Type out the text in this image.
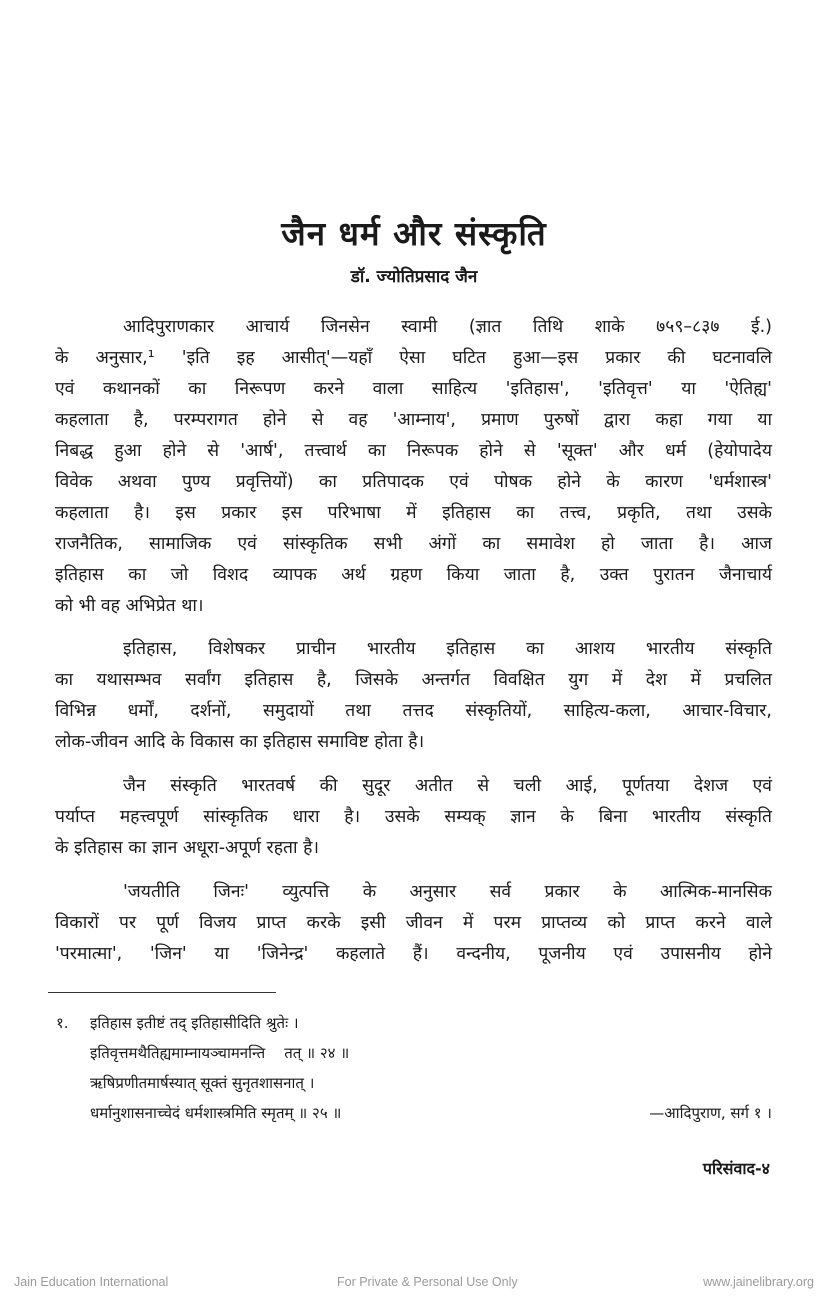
जैन धर्म और संस्कृति
डॉ. ज्योतिप्रसाद जैन
आदिपुराणकार आचार्य जिनसेन स्वामी (ज्ञात तिथि शाके ७५९–८३७ ई.)
के अनुसार,¹ 'इति इह आसीत्'—यहाँ ऐसा घटित हुआ—इस प्रकार की घटनावलि
एवं कथानकों का निरूपण करने वाला साहित्य 'इतिहास', 'इतिवृत्त' या 'ऐतिह्य'
कहलाता है, परम्परागत होने से वह 'आम्नाय', प्रमाण पुरुषों द्वारा कहा गया या
निबद्ध हुआ होने से 'आर्ष', तत्त्वार्थ का निरूपक होने से 'सूक्त' और धर्म (हेयोपादेय
विवेक अथवा पुण्य प्रवृत्तियों) का प्रतिपादक एवं पोषक होने के कारण 'धर्मशास्त्र'
कहलाता है। इस प्रकार इस परिभाषा में इतिहास का तत्त्व, प्रकृति, तथा उसके
राजनैतिक, सामाजिक एवं सांस्कृतिक सभी अंगों का समावेश हो जाता है। आज
इतिहास का जो विशद व्यापक अर्थ ग्रहण किया जाता है, उक्त पुरातन जैनाचार्य
को भी वह अभिप्रेत था।
इतिहास, विशेषकर प्राचीन भारतीय इतिहास का आशय भारतीय संस्कृति
का यथासम्भव सर्वांग इतिहास है, जिसके अन्तर्गत विवक्षित युग में देश में प्रचलित
विभिन्न धर्मों, दर्शनों, समुदायों तथा तत्तद संस्कृतियों, साहित्य-कला, आचार-विचार,
लोक-जीवन आदि के विकास का इतिहास समाविष्ट होता है।
जैन संस्कृति भारतवर्ष की सुदूर अतीत से चली आई, पूर्णतया देशज एवं
पर्याप्त महत्त्वपूर्ण सांस्कृतिक धारा है। उसके सम्यक् ज्ञान के बिना भारतीय संस्कृति
के इतिहास का ज्ञान अधूरा-अपूर्ण रहता है।
'जयतीति जिनः' व्युत्पत्ति के अनुसार सर्व प्रकार के आत्मिक-मानसिक
विकारों पर पूर्ण विजय प्राप्त करके इसी जीवन में परम प्राप्तव्य को प्राप्त करने वाले
'परमात्मा', 'जिन' या 'जिनेन्द्र' कहलाते हैं। वन्दनीय, पूजनीय एवं उपासनीय होने
१. इतिहास इतीष्टं तद् इतिहासीदिति श्रुतेः ।
इतिवृत्तमथैतिह्यमाम्नायञ्चामनन्ति    तत् ॥ २४ ॥
ऋषिप्रणीतमार्षस्यात् सूक्तं सुनृतशासनात् ।
धर्मानुशासनाच्चेदं धर्मशास्त्रमिति स्मृतम् ॥ २५ ॥	—आदिपुराण, सर्ग १ ।
परिसंवाद-४
Jain Education International	For Private & Personal Use Only	www.jainelibrary.org
